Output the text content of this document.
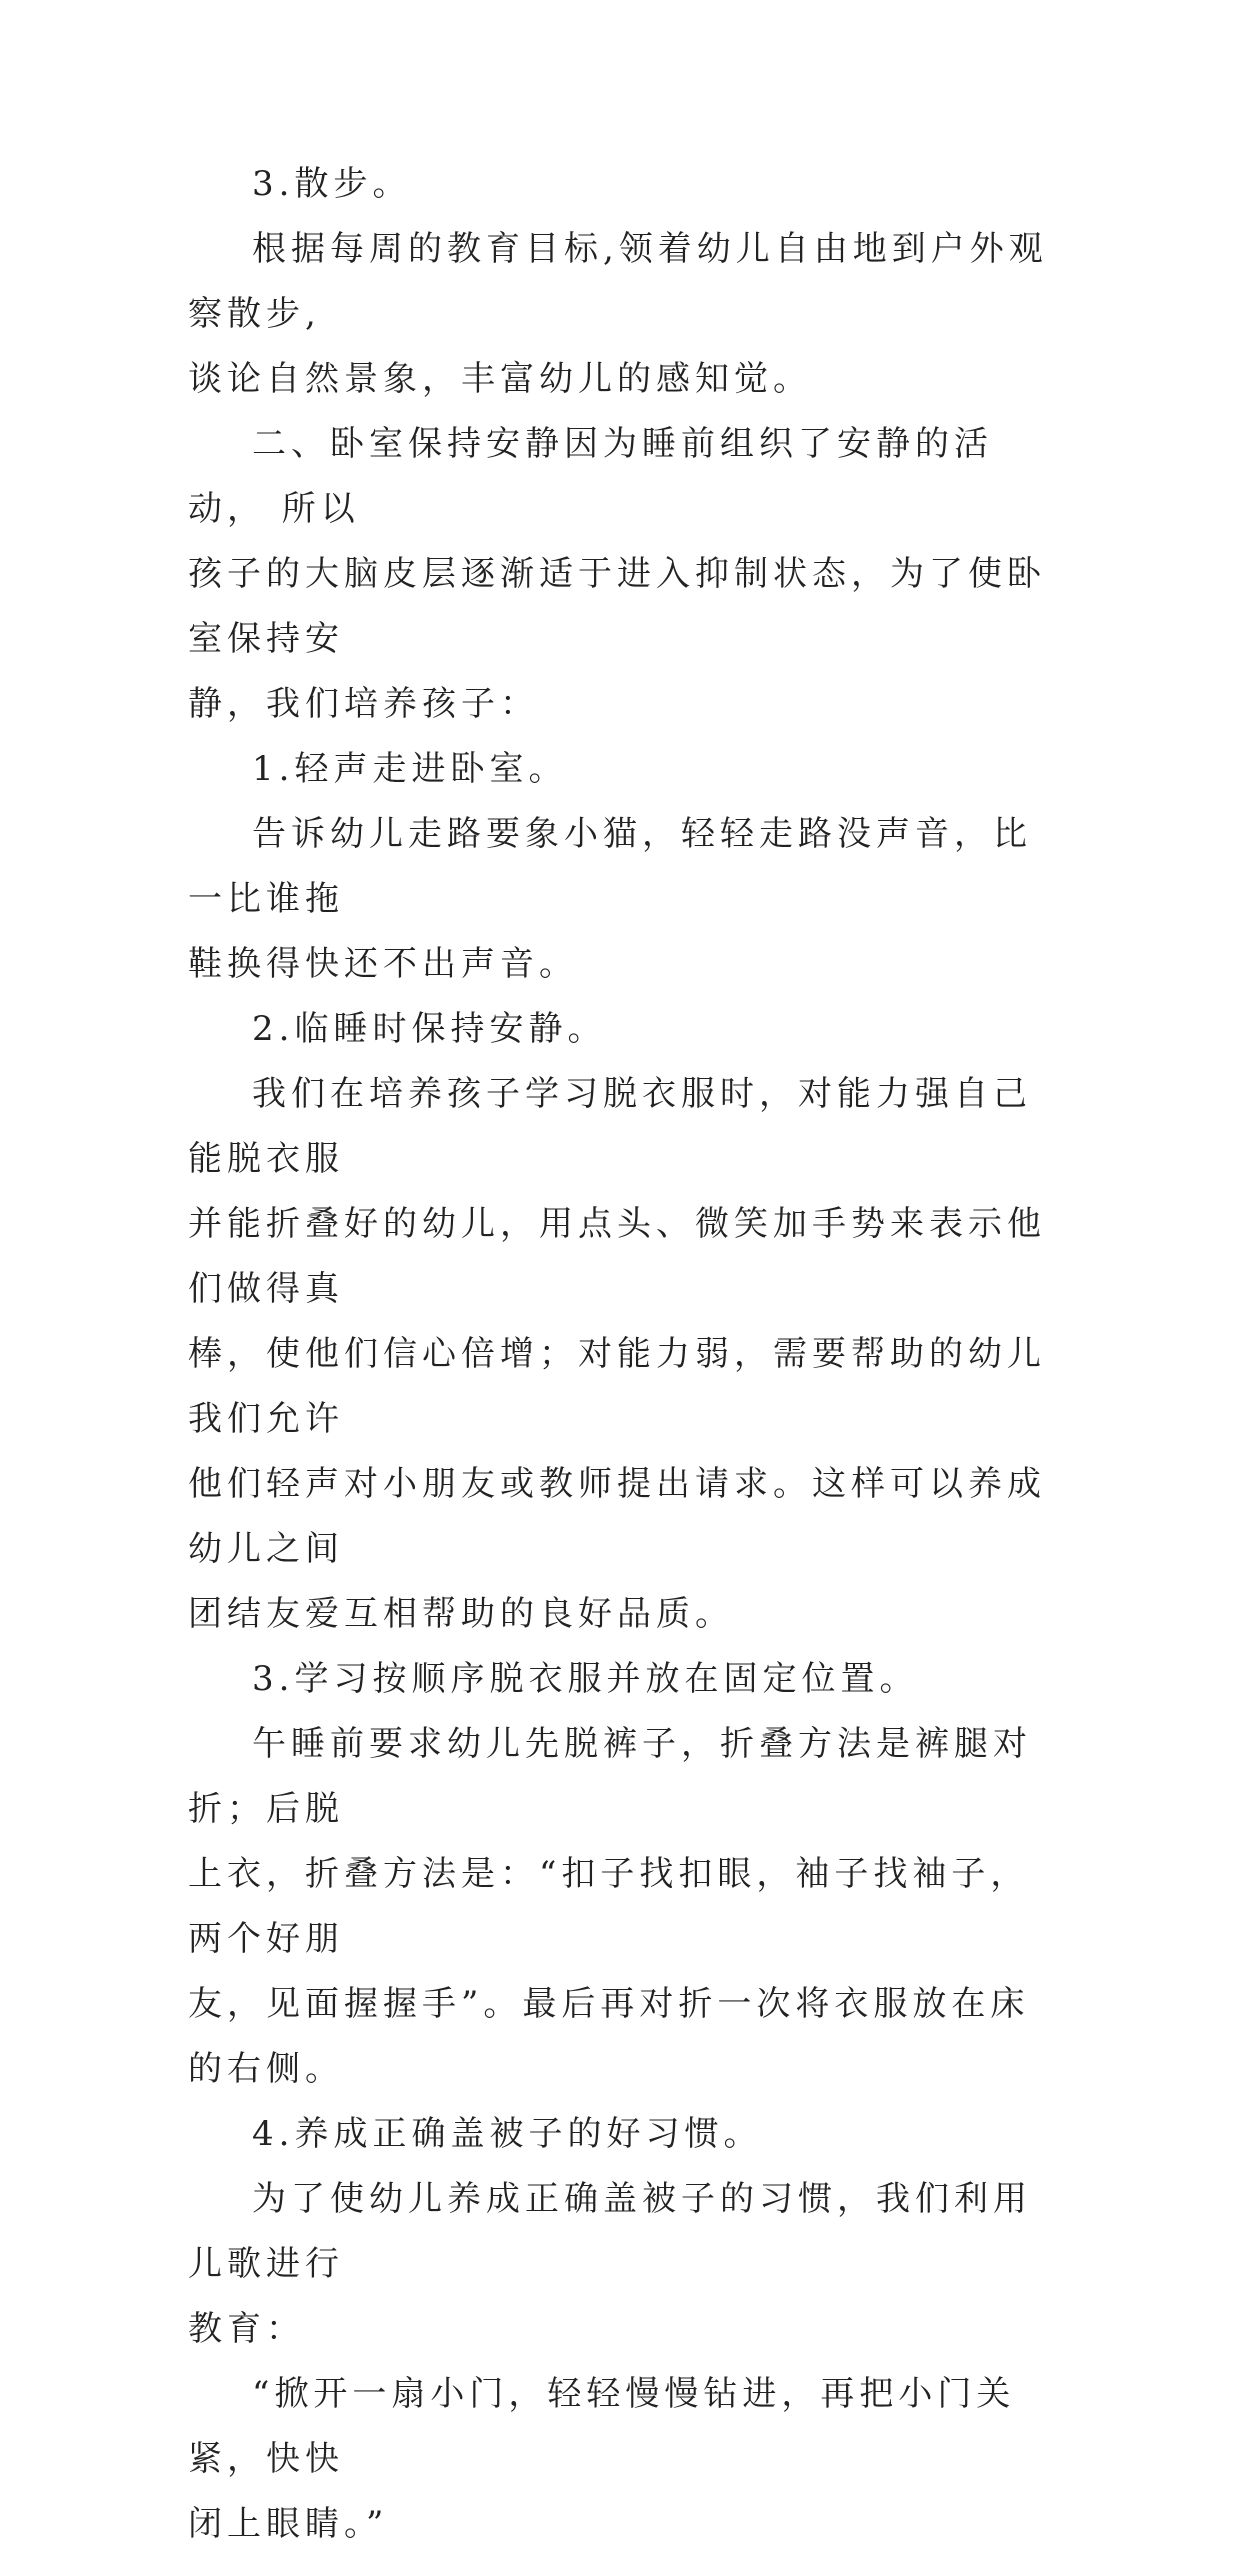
3.散步。

根据每周的教育目标,领着幼儿自由地到户外观察散步,
谈论自然景象，丰富幼儿的感知觉。

二、卧室保持安静因为睡前组织了安静的活动， 所以
孩子的大脑皮层逐渐适于进入抑制状态，为了使卧室保持安
静，我们培养孩子：

1.轻声走进卧室。

告诉幼儿走路要象小猫，轻轻走路没声音，比一比谁拖
鞋换得快还不出声音。

2.临睡时保持安静。

我们在培养孩子学习脱衣服时，对能力强自己能脱衣服
并能折叠好的幼儿，用点头、微笑加手势来表示他们做得真
棒，使他们信心倍增；对能力弱，需要帮助的幼儿我们允许
他们轻声对小朋友或教师提出请求。这样可以养成幼儿之间
团结友爱互相帮助的良好品质。

3.学习按顺序脱衣服并放在固定位置。

午睡前要求幼儿先脱裤子，折叠方法是裤腿对折；后脱
上衣，折叠方法是：“扣子找扣眼，袖子找袖子，两个好朋
友，见面握握手”。最后再对折一次将衣服放在床的右侧。

4.养成正确盖被子的好习惯。

为了使幼儿养成正确盖被子的习惯，我们利用儿歌进行
教育：

“掀开一扇小门，轻轻慢慢钻进，再把小门关紧，快快
闭上眼睛。”
